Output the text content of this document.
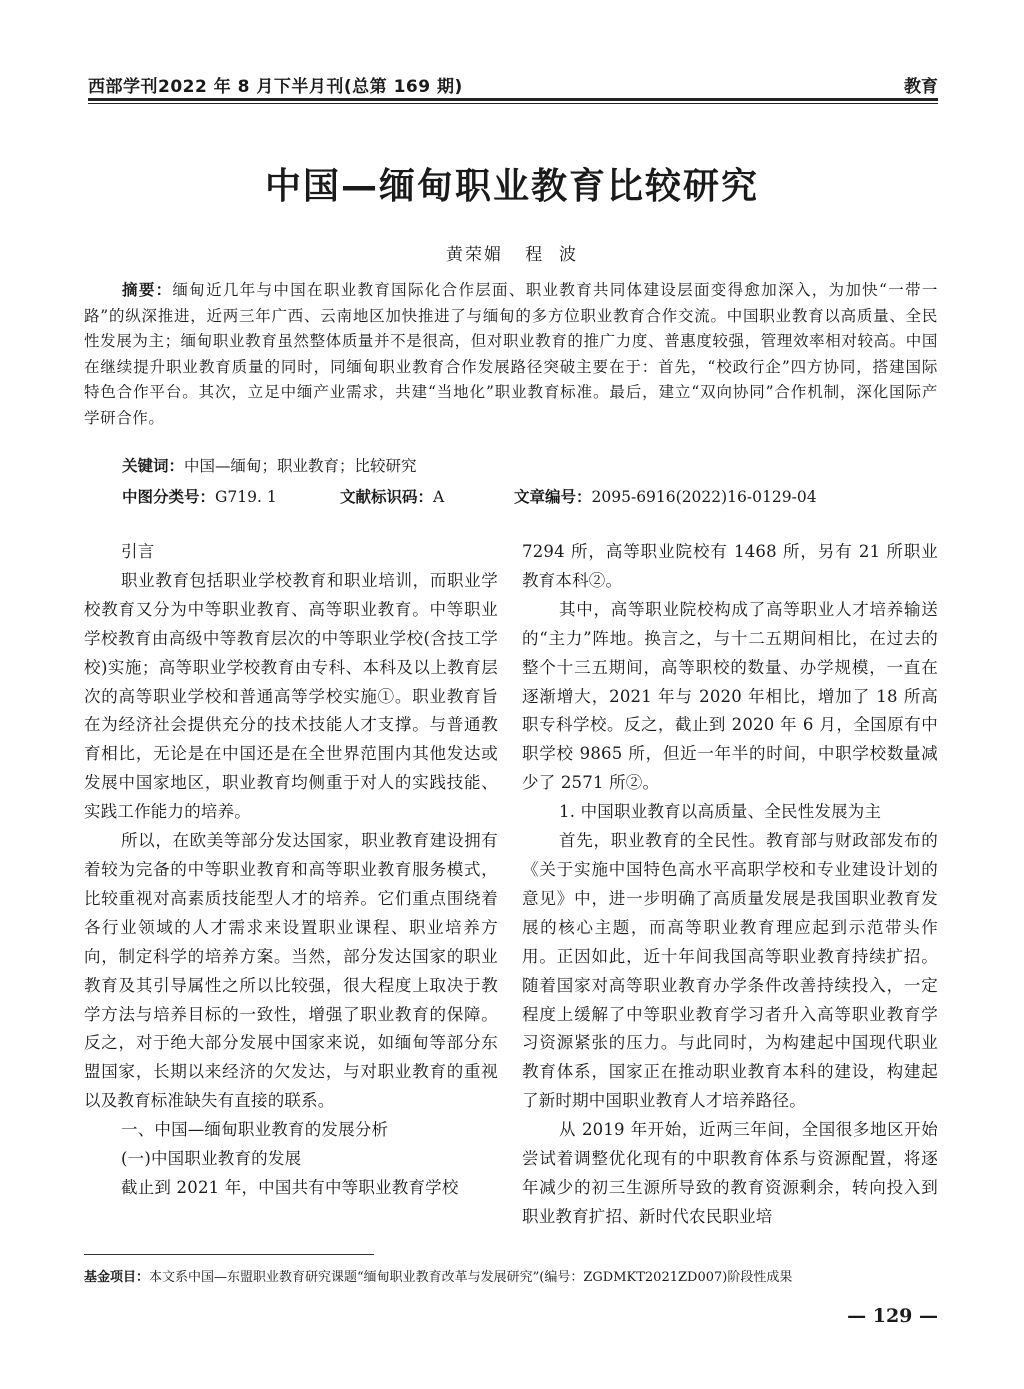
西部学刊2022 年 8 月下半月刊(总第 169 期)	教育
中国—缅甸职业教育比较研究
黄荣媚   程  波

摘要：缅甸近几年与中国在职业教育国际化合作层面、职业教育共同体建设层面变得愈加深入，为加快“一带一路”的纵深推进，近两三年广西、云南地区加快推进了与缅甸的多方位职业教育合作交流。中国职业教育以高质量、全民性发展为主；缅甸职业教育虽然整体质量并不是很高，但对职业教育的推广力度、普惠度较强，管理效率相对较高。中国在继续提升职业教育质量的同时，同缅甸职业教育合作发展路径突破主要在于：首先，“校政行企”四方协同，搭建国际特色合作平台。其次，立足中缅产业需求，共建“当地化”职业教育标准。最后，建立“双向协同”合作机制，深化国际产学研合作。

关键词：中国—缅甸；职业教育；比较研究
中图分类号：G719. 1	文献标识码：A	文章编号：2095-6916(2022)16-0129-04

引言

职业教育包括职业学校教育和职业培训，而职业学校教育又分为中等职业教育、高等职业教育。中等职业学校教育由高级中等教育层次的中等职业学校(含技工学校)实施；高等职业学校教育由专科、本科及以上教育层次的高等职业学校和普通高等学校实施①。职业教育旨在为经济社会提供充分的技术技能人才支撑。与普通教育相比，无论是在中国还是在全世界范围内其他发达或发展中国家地区，职业教育均侧重于对人的实践技能、实践工作能力的培养。

所以，在欧美等部分发达国家，职业教育建设拥有着较为完备的中等职业教育和高等职业教育服务模式，比较重视对高素质技能型人才的培养。它们重点围绕着各行业领域的人才需求来设置职业课程、职业培养方向，制定科学的培养方案。当然，部分发达国家的职业教育及其引导属性之所以比较强，很大程度上取决于教学方法与培养目标的一致性，增强了职业教育的保障。反之，对于绝大部分发展中国家来说，如缅甸等部分东盟国家，长期以来经济的欠发达，与对职业教育的重视以及教育标准缺失有直接的联系。

一、中国—缅甸职业教育的发展分析

(一)中国职业教育的发展

截止到 2021 年，中国共有中等职业教育学校

7294 所，高等职业院校有 1468 所，另有 21 所职业教育本科②。

其中，高等职业院校构成了高等职业人才培养输送的“主力”阵地。换言之，与十二五期间相比，在过去的整个十三五期间，高等职校的数量、办学规模，一直在逐渐增大，2021 年与 2020 年相比，增加了 18 所高职专科学校。反之，截止到 2020 年 6 月，全国原有中职学校 9865 所，但近一年半的时间，中职学校数量减少了 2571 所②。

1. 中国职业教育以高质量、全民性发展为主

首先，职业教育的全民性。教育部与财政部发布的《关于实施中国特色高水平高职学校和专业建设计划的意见》中，进一步明确了高质量发展是我国职业教育发展的核心主题，而高等职业教育理应起到示范带头作用。正因如此，近十年间我国高等职业教育持续扩招。随着国家对高等职业教育办学条件改善持续投入，一定程度上缓解了中等职业教育学习者升入高等职业教育学习资源紧张的压力。与此同时，为构建起中国现代职业教育体系，国家正在推动职业教育本科的建设，构建起了新时期中国职业教育人才培养路径。

从 2019 年开始，近两三年间，全国很多地区开始尝试着调整优化现有的中职教育体系与资源配置，将逐年减少的初三生源所导致的教育资源剩余，转向投入到职业教育扩招、新时代农民职业培

基金项目：本文系中国—东盟职业教育研究课题“缅甸职业教育改革与发展研究”(编号：ZGDMKT2021ZD007)阶段性成果
— 129 —
